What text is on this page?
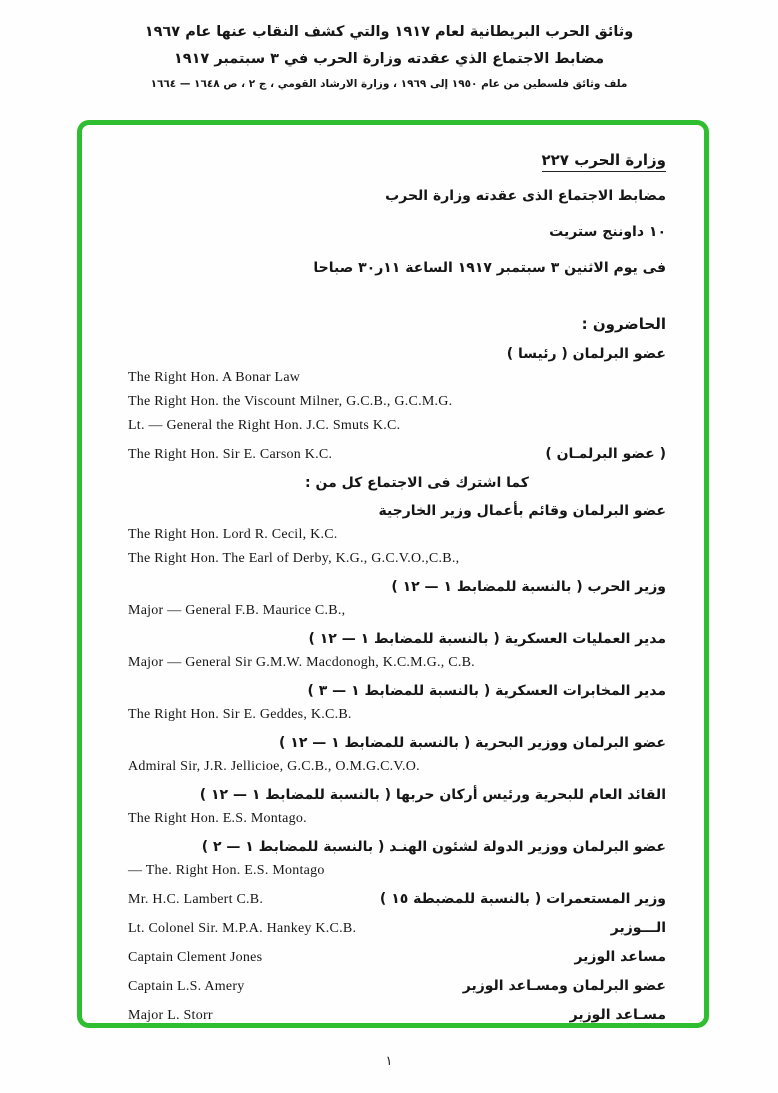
وثائق الحرب البريطانية لعام ١٩١٧ والتي كشف النقاب عنها عام ١٩٦٧
مضابط الاجتماع الذي عقدته وزارة الحرب في ٣ سبتمبر ١٩١٧
ملف وثائق فلسطين من عام ١٩٥٠ إلى ١٩٦٩ ، وزارة الارشاد القومي ، ج ٢ ، ص ١٦٤٨ — ١٦٦٤
وزارة الحرب ٢٢٧
مضابط الاجتماع الذى عقدته وزارة الحرب
١٠ داوننج ستريت
فى يوم الاثنين ٣ سبتمبر ١٩١٧ الساعة ١١ر٣٠ صباحا
الحاضرون :
عضو البرلمان ( رئيسا )
The Right Hon. A Bonar Law
The Right Hon. the Viscount Milner, G.C.B., G.C.M.G.
Lt. — General the Right Hon. J.C. Smuts K.C.
The Right Hon. Sir E. Carson K.C.	( عضو البرلمـان )
كما اشترك فى الاجتماع كل من :
عضو البرلمان وقائم بأعمال وزير الخارجية
The Right Hon. Lord R. Cecil, K.C.
The Right Hon. The Earl of Derby, K.G., G.C.V.O.,C.B.,
وزير الحرب ( بالنسبة للمضابط ١ — ١٢ )
Major — General F.B. Maurice C.B.,
مدير العمليات العسكرية ( بالنسبة للمضابط ١ — ١٢ )
Major — General Sir G.M.W. Macdonogh, K.C.M.G., C.B.
مدير المخابرات العسكرية ( بالنسبة للمضابط ١ — ٣ )
The Right Hon. Sir E. Geddes, K.C.B.
عضو البرلمان ووزير البحرية ( بالنسبة للمضابط ١ — ١٢ )
Admiral Sir, J.R. Jellicioe, G.C.B., O.M.G.C.V.O.
القائد العام للبحرية ورئيس أركان حربها ( بالنسبة للمضابط ١ — ١٢ )
The Right Hon. E.S. Montago.
عضو البرلمان ووزير الدولة لشئون الهنـد ( بالنسبة للمضابط ١ — ٢ )
— The. Right Hon. E.S. Montago
Mr. H.C. Lambert C.B.	وزير المستعمرات ( بالنسبة للمضبطة ١٥ )
Lt. Colonel Sir. M.P.A. Hankey K.C.B.	الـــوزير
Captain Clement Jones	مساعد الوزير
Captain L.S. Amery	عضو البرلمان ومسـاعد الوزير
Major L. Storr	مسـاعد الوزير
١
